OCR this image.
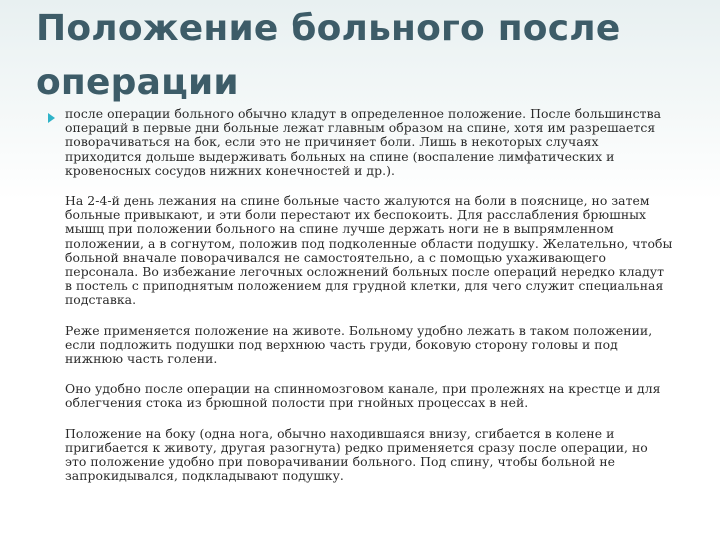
Положение больного после операции

после операции больного обычно кладут в определенное положение. После большинства операций в первые дни больные лежат главным образом на спине, хотя им разрешается поворачиваться на бок, если это не причиняет боли. Лишь в некоторых случаях приходится дольше выдерживать больных на спине (воспаление лимфатических и кровеносных сосудов нижних конечностей и др.).

На 2-4-й день лежания на спине больные часто жалуются на боли в пояснице, но затем больные привыкают, и эти боли перестают их беспокоить. Для расслабления брюшных мышц при положении больного на спине лучше держать ноги не в выпрямленном положении, а в согнутом, положив под подколенные области подушку. Желательно, чтобы больной вначале поворачивался не самостоятельно, а с помощью ухаживающего персонала. Во избежание легочных осложнений больных после операций нередко кладут в постель с приподнятым положением для грудной клетки, для чего служит специальная подставка.

Реже применяется положение на животе. Больному удобно лежать в таком положении, если подложить подушки под верхнюю часть груди, боковую сторону головы и под нижнюю часть голени.

Оно удобно после операции на спинномозговом канале, при пролежнях на крестце и для облегчения стока из брюшной полости при гнойных процессах в ней.

Положение на боку (одна нога, обычно находившаяся внизу, сгибается в колене и пригибается к животу, другая разогнута) редко применяется сразу после операции, но это положение удобно при поворачивании больного. Под спину, чтобы больной не запрокидывался, подкладывают подушку.
